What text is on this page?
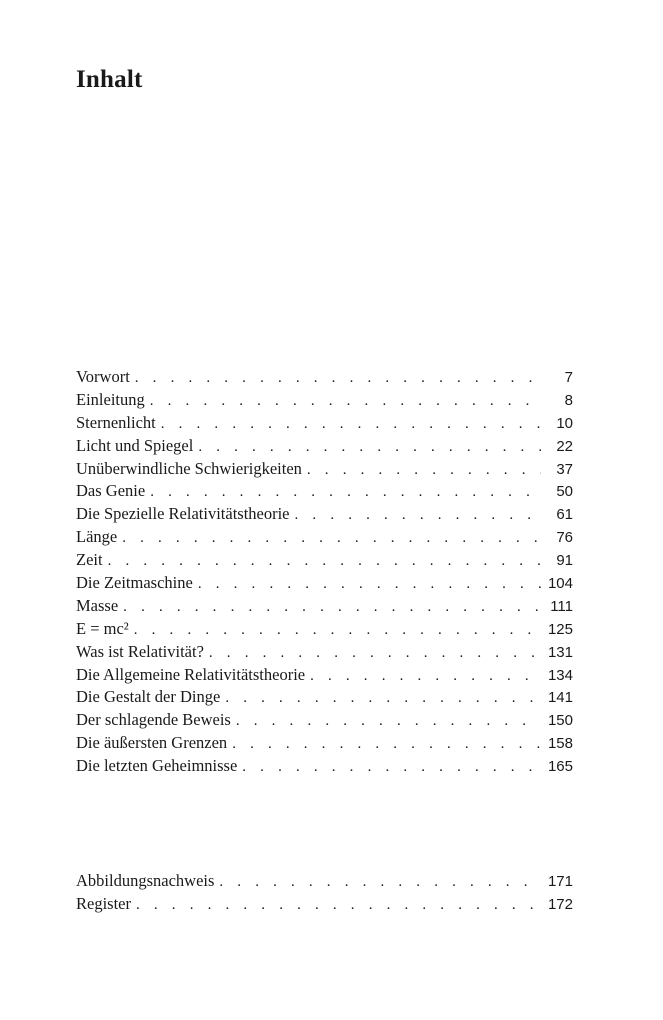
Inhalt
Vorwort . . .	7
Einleitung . . .	8
Sternenlicht . . .	10
Licht und Spiegel . . .	22
Unüberwindliche Schwierigkeiten . . .	37
Das Genie . . .	50
Die Spezielle Relativitätstheorie . . .	61
Länge . . .	76
Zeit . . .	91
Die Zeitmaschine . . .	104
Masse . . .	111
E = mc² . . .	125
Was ist Relativität? . . .	131
Die Allgemeine Relativitätstheorie . . .	134
Die Gestalt der Dinge . . .	141
Der schlagende Beweis . . .	150
Die äußersten Grenzen . . .	158
Die letzten Geheimnisse . . .	165
Abbildungsnachweis . . .	171
Register . . .	172
